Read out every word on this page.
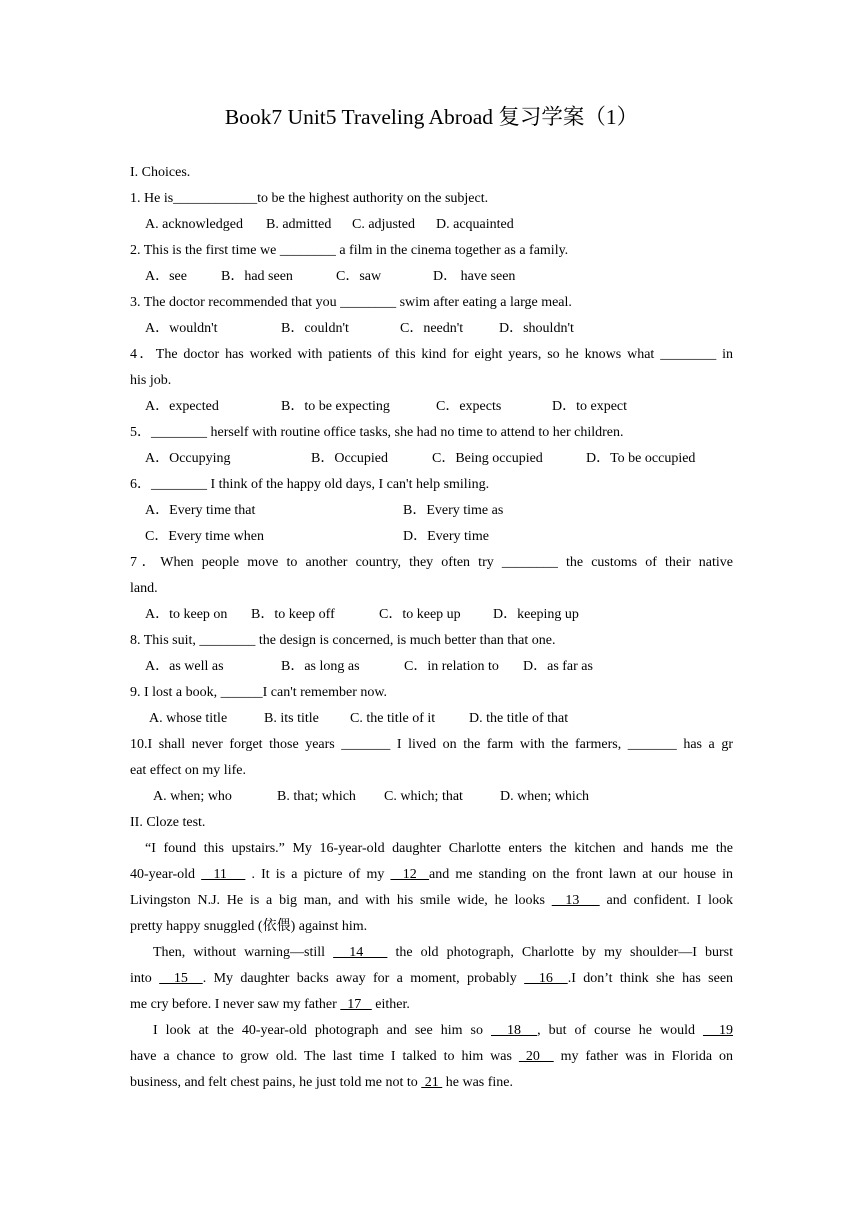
Book7 Unit5 Traveling Abroad 复习学案（1）
I. Choices.
1. He is____________to be the highest authority on the subject.
A. acknowledged B. admitted C. adjusted D. acquainted
2. This is the first time we ________ a film in the cinema together as a family.
A．see B．had seen	C．saw	D． have seen
3. The doctor recommended that you ________ swim after eating a large meal.
A．wouldn't	B．couldn't	C．needn't	D．shouldn't
4．The doctor has worked with patients of this kind for eight years, so he knows what ________ in
his job.
A．expected	B．to be expecting	C．expects	D．to expect
5．________ herself with routine office tasks, she had no time to attend to her children.
A．Occupying	B．Occupied	C．Being occupied	D．To be occupied
6．________ I think of the happy old days, I can't help smiling.
A．Every time that	B．Every time as
C．Every time when	D．Every time
7．When people move to another country, they often try ________ the customs of their native
land.
A．to keep on B．to keep off	C．to keep up D．keeping up
8. This suit, ________ the design is concerned, is much better than that one.
A．as well as	B．as long as	C．in relation to D．as far as
9. I lost a book, ______I can't remember now.
A. whose title	B. its title C. the title of it D. the title of that
10.I shall never forget those years _______ I lived on the farm with the farmers, _______ has a gr
eat effect on my life.
A. when; who	B. that; which C. which; that	D. when; which
II. Cloze test.
“I found this upstairs.” My 16-year-old daughter Charlotte enters the kitchen and hands me the
40-year-old   11    . It is a picture of my   12  and me standing on the front lawn at our house in
Livingston N.J. He is a big man, and with his smile wide, he looks   13    and confident. I look
pretty happy snuggled (依偎) against him.
Then, without warning—still   14    the old photograph, Charlotte by my shoulder—I burst
into   15  . My daughter backs away for a moment, probably   16  .I don’t think she has seen
me cry before. I never saw my father   17    either.
I look at the 40-year-old photograph and see him so   18  , but of course he would   19
have a chance to grow old. The last time I talked to him was  20   my father was in Florida on
business, and felt chest pains, he just told me not to  21  he was fine.
